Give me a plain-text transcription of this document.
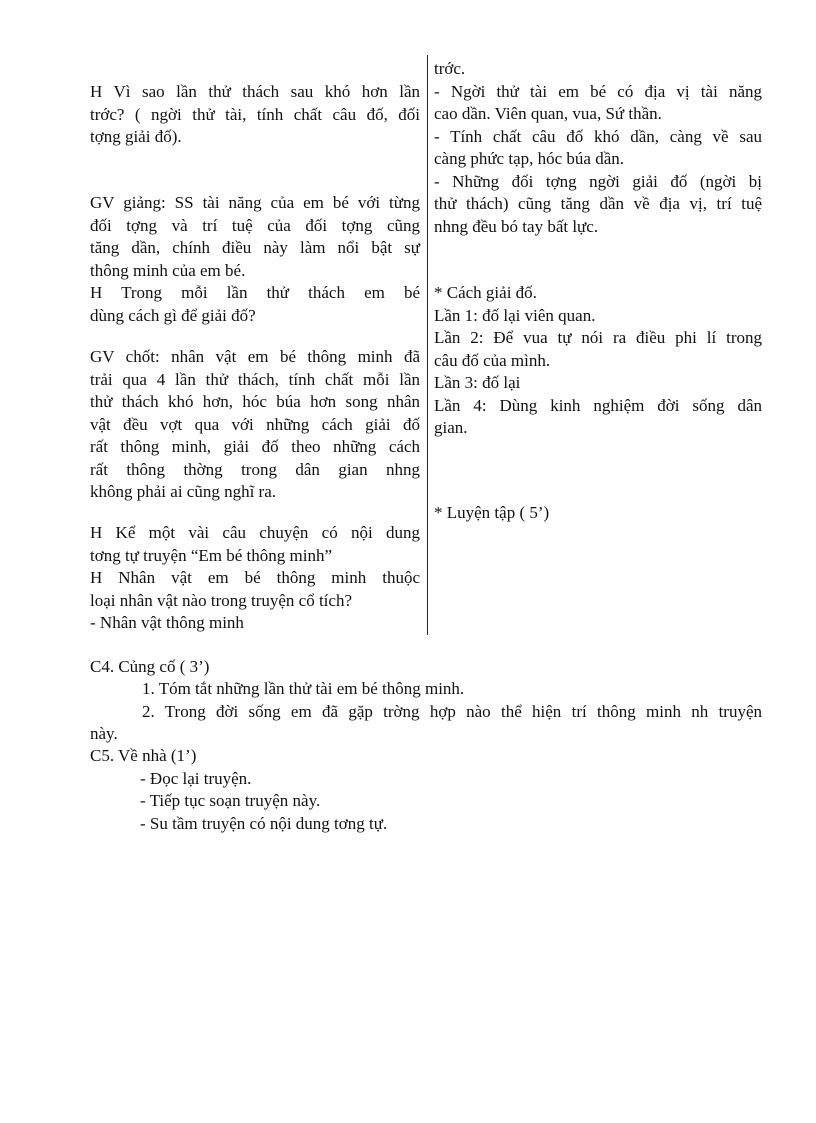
H Vì sao lần thử thách sau khó hơn lần
trớc? ( ngời thử tài, tính chất câu đố, đối
tợng giải đố).
GV giảng: SS tài năng của em bé với từng
đối tợng và trí tuệ của đối tợng cũng
tăng dần, chính điều này làm nổi bật sự
thông minh của em bé.
H Trong mỗi lần thử thách em bé
dùng cách gì để giải đố?
GV chốt: nhân vật em bé thông minh đã
trải qua 4 lần thử thách, tính chất mỗi lần
thử thách khó hơn, hóc búa hơn song nhân
vật đều vợt qua với những cách giải đố
rất thông minh, giải đố theo những cách
rất thông thờng trong dân gian nhng
không phải ai cũng nghĩ ra.
H Kể một vài câu chuyện có nội dung
tơng tự truyện “Em bé thông minh”
H Nhân vật em bé thông minh thuộc
loại nhân vật nào trong truyện cổ tích?
- Nhân vật thông minh
trớc.
- Ngời thử tài em bé có địa vị tài năng
cao dần. Viên quan, vua, Sứ thần.
- Tính chất câu đố khó dần, càng về sau
càng phức tạp, hóc búa dần.
- Những đối tợng ngời giải đố (ngời bị
thử thách) cũng tăng dần về địa vị, trí tuệ
nhng đều bó tay bất lực.
* Cách giải đố.
Lần 1: đố lại viên quan.
Lần 2: Để vua tự nói ra điều phi lí trong
câu đố của mình.
Lần 3: đố lại
Lần 4: Dùng kinh nghiệm đời sống dân
gian.
* Luyện tập ( 5’)
C4. Củng cố ( 3’)
1. Tóm tắt những lần thử tài em bé thông minh.
2. Trong đời sống em đã gặp trờng hợp nào thể hiện trí thông minh nh truyện
này.
C5. Về nhà (1’)
- Đọc lại truyện.
- Tiếp tục soạn truyện này.
- Su tầm truyện có nội dung tơng tự.
